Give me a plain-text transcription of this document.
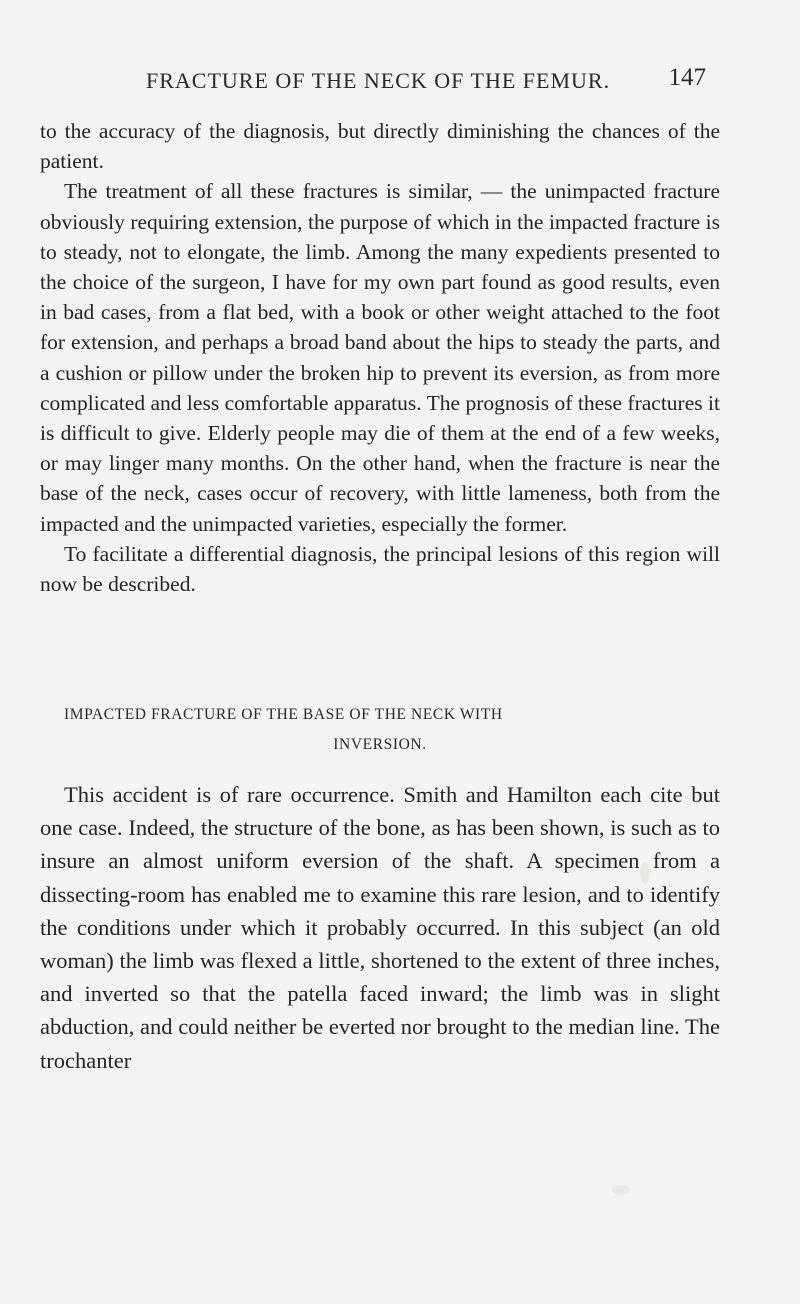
FRACTURE OF THE NECK OF THE FEMUR. 147

to the accuracy of the diagnosis, but directly diminishing the chances of the patient.

The treatment of all these fractures is similar, — the unimpacted fracture obviously requiring extension, the purpose of which in the impacted fracture is to steady, not to elongate, the limb. Among the many expedients presented to the choice of the surgeon, I have for my own part found as good results, even in bad cases, from a flat bed, with a book or other weight attached to the foot for extension, and perhaps a broad band about the hips to steady the parts, and a cushion or pillow under the broken hip to prevent its eversion, as from more complicated and less comfortable apparatus. The prognosis of these fractures it is difficult to give. Elderly people may die of them at the end of a few weeks, or may linger many months. On the other hand, when the fracture is near the base of the neck, cases occur of recovery, with little lameness, both from the impacted and the unimpacted varieties, especially the former.

To facilitate a differential diagnosis, the principal lesions of this region will now be described.

IMPACTED FRACTURE OF THE BASE OF THE NECK WITH
INVERSION.

This accident is of rare occurrence. Smith and Hamilton each cite but one case. Indeed, the structure of the bone, as has been shown, is such as to insure an almost uniform eversion of the shaft. A specimen from a dissecting-room has enabled me to examine this rare lesion, and to identify the conditions under which it probably occurred. In this subject (an old woman) the limb was flexed a little, shortened to the extent of three inches, and inverted so that the patella faced inward; the limb was in slight abduction, and could neither be everted nor brought to the median line. The trochanter
